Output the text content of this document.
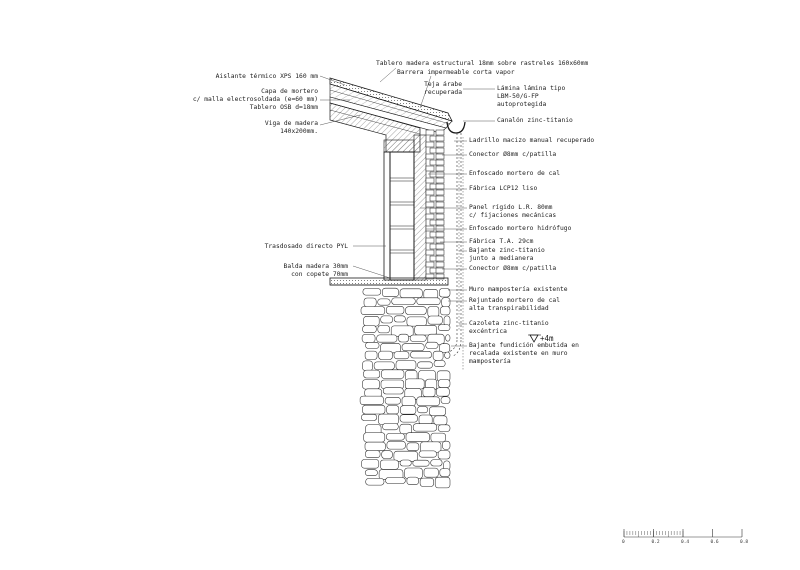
+4m
0	0.2	0.4	0.6	0.8
Aislante térmico XPS 160 mm
Capa de mortero
c/ malla electrosoldada (e=60 mm)
Tablero OSB d=18mm
Viga de madera
140x200mm.
Trasdosado directo PYL
Balda madera 30mm
con copete 70mm
Tablero madera estructural 18mm sobre rastreles 160x60mm
Barrera impermeable corta vapor
Teja árabe
recuperada
Lámina lámina tipo
LBM-50/G-FP
autoprotegida
Canalón zinc-titanio
Ladrillo macizo manual recuperado
Conector Ø8mm c/patilla
Enfoscado mortero de cal
Fábrica LCP12 liso
Panel rígido L.R. 80mm
c/ fijaciones mecánicas
Enfoscado mortero hidrófugo
Fábrica T.A. 29cm
Bajante zinc-titanio
junto a medianera
Conector Ø8mm c/patilla
Muro mampostería existente
Rejuntado mortero de cal
alta transpirabilidad
Cazoleta zinc-titanio
excéntrica
Bajante fundición embutida en
recalada existente en muro
mampostería
